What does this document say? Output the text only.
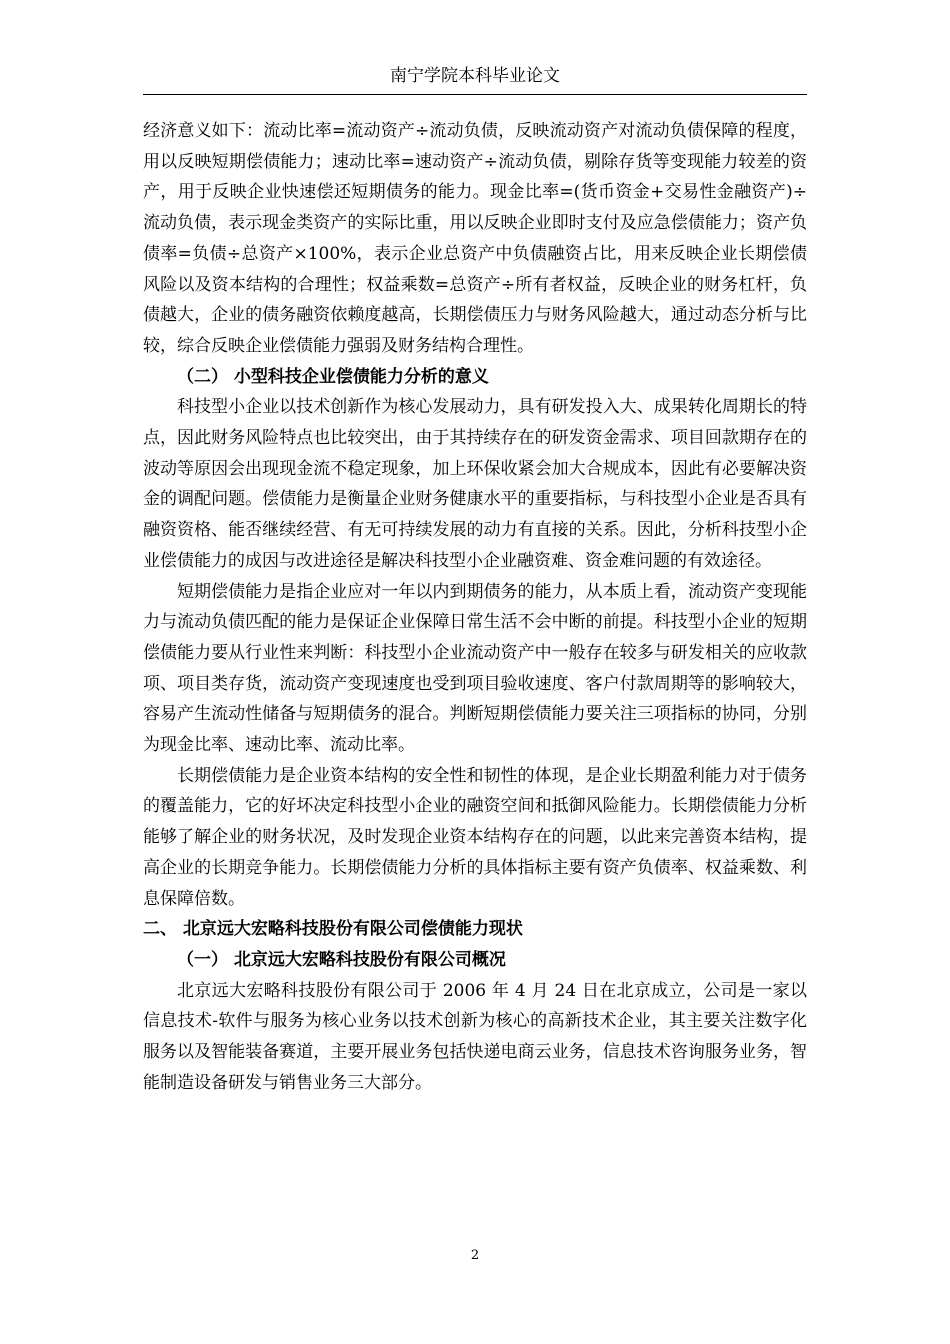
南宁学院本科毕业论文

经济意义如下：流动比率=流动资产÷流动负债，反映流动资产对流动负债保障的程度，用以反映短期偿债能力；速动比率=速动资产÷流动负债，剔除存货等变现能力较差的资产，用于反映企业快速偿还短期债务的能力。现金比率=(货币资金+交易性金融资产)÷流动负债，表示现金类资产的实际比重，用以反映企业即时支付及应急偿债能力；资产负债率=负债÷总资产×100%，表示企业总资产中负债融资占比，用来反映企业长期偿债风险以及资本结构的合理性；权益乘数=总资产÷所有者权益，反映企业的财务杠杆，负债越大，企业的债务融资依赖度越高，长期偿债压力与财务风险越大，通过动态分析与比较，综合反映企业偿债能力强弱及财务结构合理性。

（二） 小型科技企业偿债能力分析的意义

科技型小企业以技术创新作为核心发展动力，具有研发投入大、成果转化周期长的特点，因此财务风险特点也比较突出，由于其持续存在的研发资金需求、项目回款期存在的波动等原因会出现现金流不稳定现象，加上环保收紧会加大合规成本，因此有必要解决资金的调配问题。偿债能力是衡量企业财务健康水平的重要指标，与科技型小企业是否具有融资资格、能否继续经营、有无可持续发展的动力有直接的关系。因此，分析科技型小企业偿债能力的成因与改进途径是解决科技型小企业融资难、资金难问题的有效途径。

短期偿债能力是指企业应对一年以内到期债务的能力，从本质上看，流动资产变现能力与流动负债匹配的能力是保证企业保障日常生活不会中断的前提。科技型小企业的短期偿债能力要从行业性来判断：科技型小企业流动资产中一般存在较多与研发相关的应收款项、项目类存货，流动资产变现速度也受到项目验收速度、客户付款周期等的影响较大，容易产生流动性储备与短期债务的混合。判断短期偿债能力要关注三项指标的协同，分别为现金比率、速动比率、流动比率。

长期偿债能力是企业资本结构的安全性和韧性的体现，是企业长期盈利能力对于债务的覆盖能力，它的好坏决定科技型小企业的融资空间和抵御风险能力。长期偿债能力分析能够了解企业的财务状况，及时发现企业资本结构存在的问题，以此来完善资本结构，提高企业的长期竞争能力。长期偿债能力分析的具体指标主要有资产负债率、权益乘数、利息保障倍数。

二、 北京远大宏略科技股份有限公司偿债能力现状

（一） 北京远大宏略科技股份有限公司概况

北京远大宏略科技股份有限公司于 2006 年 4 月 24 日在北京成立，公司是一家以信息技术-软件与服务为核心业务以技术创新为核心的高新技术企业，其主要关注数字化服务以及智能装备赛道，主要开展业务包括快递电商云业务，信息技术咨询服务业务，智能制造设备研发与销售业务三大部分。

2
